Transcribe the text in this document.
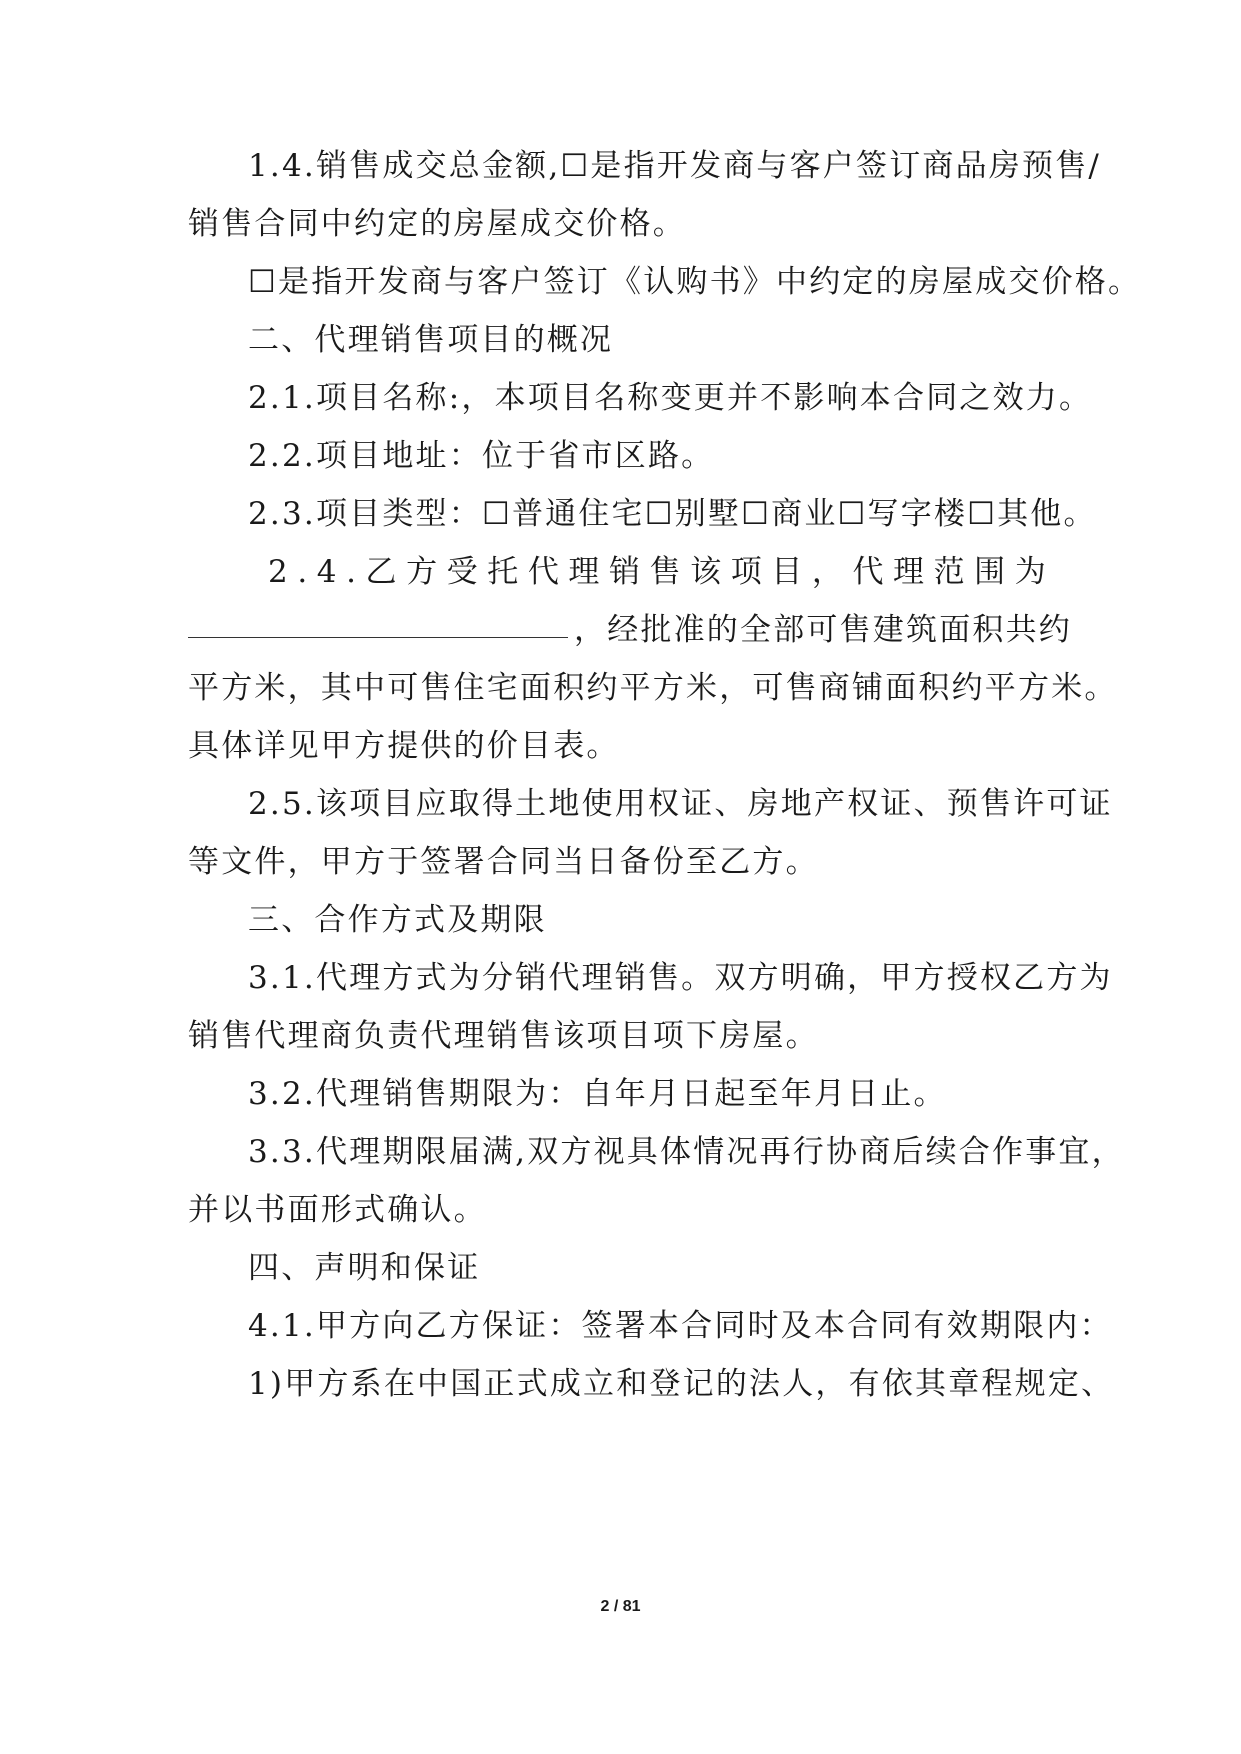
1.4.销售成交总金额,☐是指开发商与客户签订商品房预售/
销售合同中约定的房屋成交价格。
☐是指开发商与客户签订《认购书》中约定的房屋成交价格。
二、代理销售项目的概况
2.1.项目名称:，本项目名称变更并不影响本合同之效力。
2.2.项目地址：位于省市区路。
2.3.项目类型：☐普通住宅☐别墅☐商业☐写字楼☐其他。
2 . 4 . 乙 方 受 托 代 理 销 售 该 项 目 ， 代 理 范 围 为
，经批准的全部可售建筑面积共约
平方米，其中可售住宅面积约平方米，可售商铺面积约平方米。
具体详见甲方提供的价目表。
2.5.该项目应取得土地使用权证、房地产权证、预售许可证
等文件，甲方于签署合同当日备份至乙方。
三、合作方式及期限
3.1.代理方式为分销代理销售。双方明确，甲方授权乙方为
销售代理商负责代理销售该项目项下房屋。
3.2.代理销售期限为：自年月日起至年月日止。
3.3.代理期限届满,双方视具体情况再行协商后续合作事宜，
并以书面形式确认。
四、声明和保证
4.1.甲方向乙方保证：签署本合同时及本合同有效期限内：
1)甲方系在中国正式成立和登记的法人，有依其章程规定、
2 / 81
